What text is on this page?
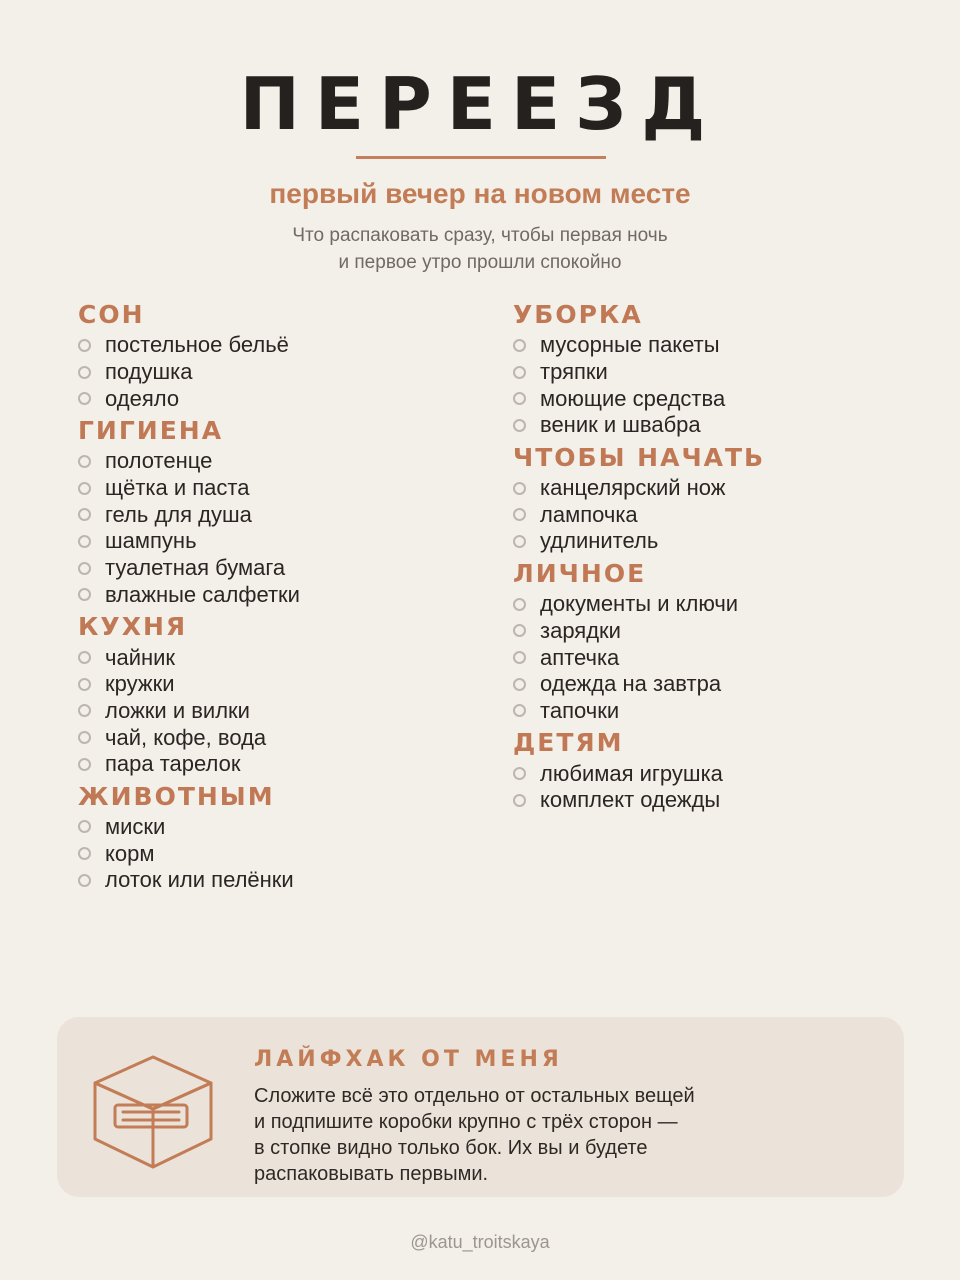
ПЕРЕЕЗД
первый вечер на новом месте
Что распаковать сразу, чтобы первая ночь
и первое утро прошли спокойно
СОН
постельное бельё
подушка
одеяло
ГИГИЕНА
полотенце
щётка и паста
гель для душа
шампунь
туалетная бумага
влажные салфетки
КУХНЯ
чайник
кружки
ложки и вилки
чай, кофе, вода
пара тарелок
ЖИВОТНЫМ
миски
корм
лоток или пелёнки
УБОРКА
мусорные пакеты
тряпки
моющие средства
веник и швабра
ЧТОБЫ НАЧАТЬ
канцелярский нож
лампочка
удлинитель
ЛИЧНОЕ
документы и ключи
зарядки
аптечка
одежда на завтра
тапочки
ДЕТЯМ
любимая игрушка
комплект одежды
ЛАЙФХАК ОТ МЕНЯ
Сложите всё это отдельно от остальных вещей
и подпишите коробки крупно с трёх сторон —
в стопке видно только бок. Их вы и будете
распаковывать первыми.
@katu_troitskaya
